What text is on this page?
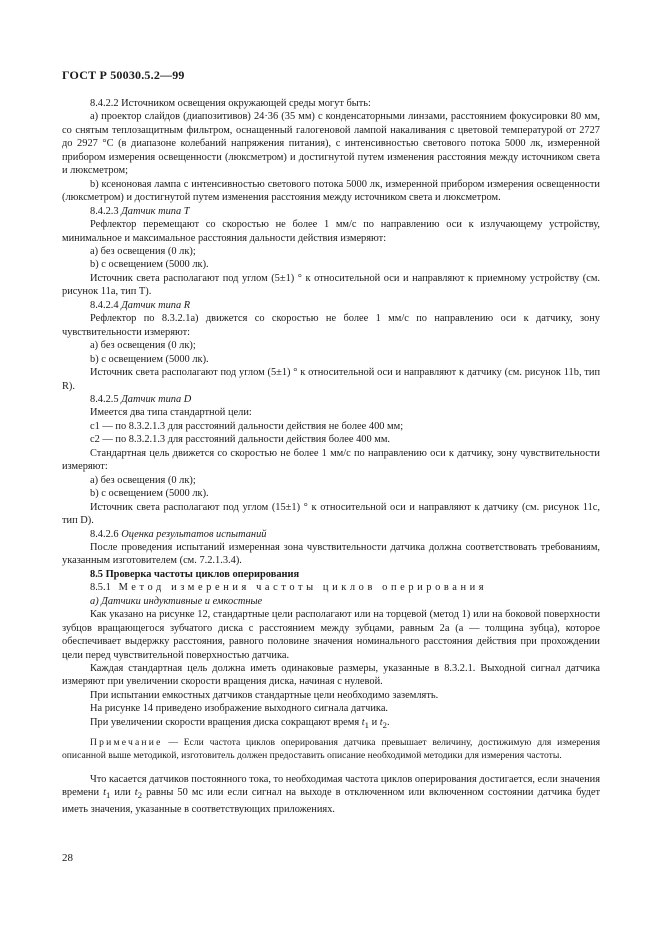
ГОСТ Р 50030.5.2—99

8.4.2.2 Источником освещения окружающей среды могут быть:

а) проектор слайдов (диапозитивов) 24·36 (35 мм) с конденсаторными линзами, расстоянием фокусировки 80 мм, со снятым теплозащитным фильтром, оснащенный галогеновой лампой накаливания с цветовой температурой от 2727 до 2927 °С (в диапазоне колебаний напряжения питания), с интенсивностью светового потока 5000 лк, измеренной прибором измерения освещенности (люксметром) и достигнутой путем изменения расстояния между источником света и люксметром;

b) ксеноновая лампа с интенсивностью светового потока 5000 лк, измеренной прибором измерения освещенности (люксметром) и достигнутой путем изменения расстояния между источником света и люксметром.

8.4.2.3 Датчик типа Т

Рефлектор перемещают со скоростью не более 1 мм/с по направлению оси к излучающему устройству, минимальное и максимальное расстояния дальности действия измеряют:

а) без освещения (0 лк);

b) с освещением (5000 лк).

Источник света располагают под углом (5±1) ° к относительной оси и направляют к приемному устройству (см. рисунок 11а, тип Т).

8.4.2.4 Датчик типа R

Рефлектор по 8.3.2.1а) движется со скоростью не более 1 мм/с по направлению оси к датчику, зону чувствительности измеряют:

а) без освещения (0 лк);

b) с освещением (5000 лк).

Источник света располагают под углом (5±1) ° к относительной оси и направляют к датчику (см. рисунок 11b, тип R).

8.4.2.5 Датчик типа D

Имеется два типа стандартной цели:

с1 — по 8.3.2.1.3 для расстояний дальности действия не более 400 мм;

с2 — по 8.3.2.1.3 для расстояний дальности действия более 400 мм.

Стандартная цель движется со скоростью не более 1 мм/с по направлению оси к датчику, зону чувствительности измеряют:

а) без освещения (0 лк);

b) с освещением (5000 лк).

Источник света располагают под углом (15±1) ° к относительной оси и направляют к датчику (см. рисунок 11с, тип D).

8.4.2.6 Оценка результатов испытаний

После проведения испытаний измеренная зона чувствительности датчика должна соответствовать требованиям, указанным изготовителем (см. 7.2.1.3.4).

8.5 Проверка частоты циклов оперирования

8.5.1 Метод измерения частоты циклов оперирования

а) Датчики индуктивные и емкостные

Как указано на рисунке 12, стандартные цели располагают или на торцевой (метод 1) или на боковой поверхности зубцов вращающегося зубчатого диска с расстоянием между зубцами, равным 2а (а — толщина зубца), которое обеспечивает выдержку расстояния, равного половине значения номинального расстояния действия при прохождении цели перед чувствительной поверхностью датчика.

Каждая стандартная цель должна иметь одинаковые размеры, указанные в 8.3.2.1. Выходной сигнал датчика измеряют при увеличении скорости вращения диска, начиная с нулевой.

При испытании емкостных датчиков стандартные цели необходимо заземлять.

На рисунке 14 приведено изображение выходного сигнала датчика.

При увеличении скорости вращения диска сокращают время $t_1$ и $t_2$.

Примечание — Если частота циклов оперирования датчика превышает величину, достижимую для измерения описанной выше методикой, изготовитель должен предоставить описание необходимой методики для измерения частоты.

Что касается датчиков постоянного тока, то необходимая частота циклов оперирования достигается, если значения времени $t_1$ или $t_2$ равны 50 мс или если сигнал на выходе в отключенном или включенном состоянии датчика будет иметь значения, указанные в соответствующих приложениях.

28
